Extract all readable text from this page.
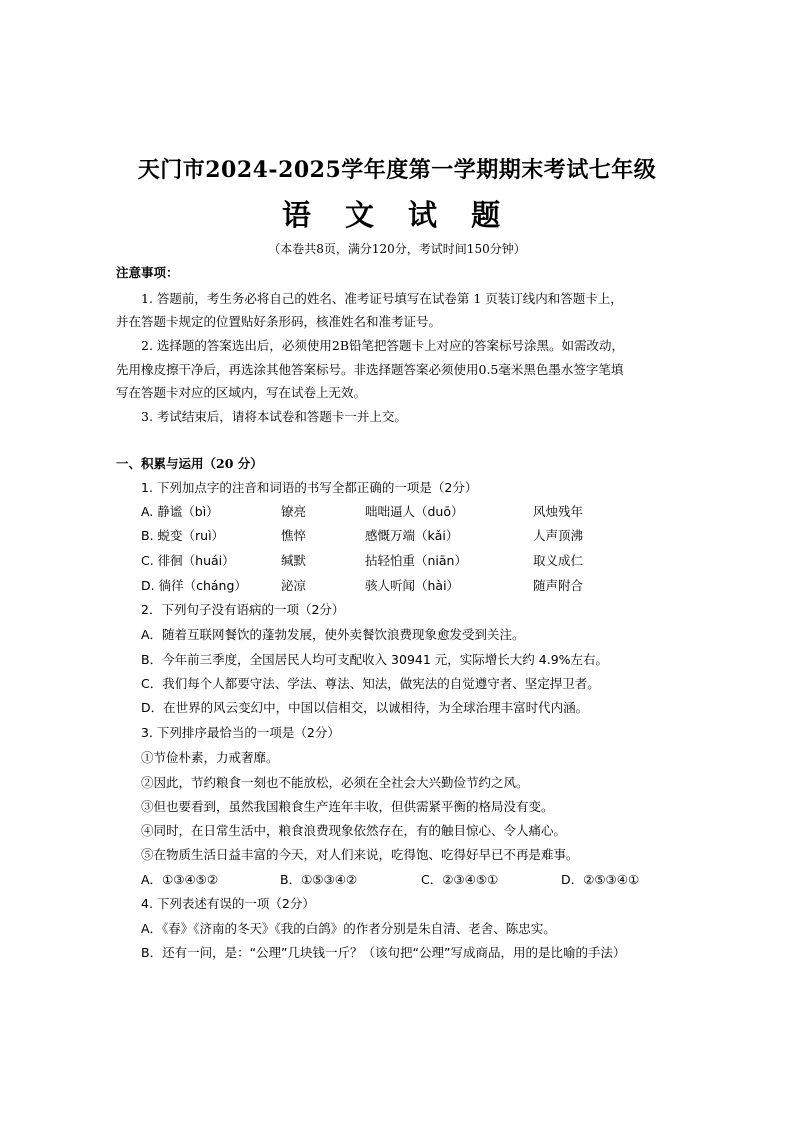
天门市2024-2025学年度第一学期期末考试七年级
语 文 试 题
（本卷共8页，满分120分，考试时间150分钟）
注意事项：
1. 答题前，考生务必将自己的姓名、准考证号填写在试卷第 1 页装订线内和答题卡上，
并在答题卡规定的位置贴好条形码，核准姓名和准考证号。
2. 选择题的答案选出后，必须使用2B铅笔把答题卡上对应的答案标号涂黑。如需改动，
先用橡皮擦干净后，再选涂其他答案标号。非选择题答案必须使用0.5毫米黑色墨水签字笔填
写在答题卡对应的区域内，写在试卷上无效。
3. 考试结束后，请将本试卷和答题卡一并上交。
一、积累与运用（20 分）
1. 下列加点字的注音和词语的书写全都正确的一项是（2分）
A. 静谧（bì）	镣亮	咄咄逼人（duō）	风烛残年
B. 蜕变（ruì）	憔悴	感慨万端（kǎi）	人声顶沸
C. 徘徊（huái）	缄默	拈轻怕重（niān）	取义成仁
D. 徜徉（cháng）	泌凉	骇人听闻（hài）	随声附合
2．下列句子没有语病的一项（2分）
A．随着互联网餐饮的蓬勃发展，使外卖餐饮浪费现象愈发受到关注。
B．今年前三季度，全国居民人均可支配收入 30941 元，实际增长大约 4.9%左右。
C．我们每个人都要守法、学法、尊法、知法，做宪法的自觉遵守者、坚定捍卫者。
D．在世界的风云变幻中，中国以信相交，以诚相待，为全球治理丰富时代内涵。
3. 下列排序最恰当的一项是（2分）
①节俭朴素，力戒奢靡。
②因此，节约粮食一刻也不能放松，必须在全社会大兴勤俭节约之风。
③但也要看到，虽然我国粮食生产连年丰收，但供需紧平衡的格局没有变。
④同时，在日常生活中，粮食浪费现象依然存在，有的触目惊心、令人痛心。
⑤在物质生活日益丰富的今天，对人们来说，吃得饱、吃得好早已不再是难事。
A．①③④⑤②	B．①⑤③④②	C．②③④⑤①	D．②⑤③④①
4. 下列表述有误的一项（2分）
A．《春》《济南的冬天》《我的白鸽》的作者分别是朱自清、老舍、陈忠实。
B．还有一问，是：“公理”几块钱一斤？（该句把“公理”写成商品，用的是比喻的手法）
